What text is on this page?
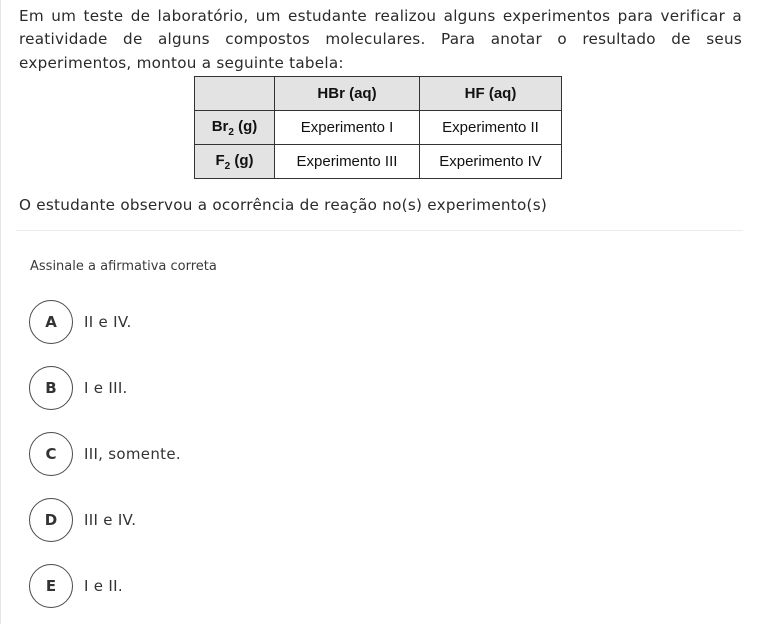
Em um teste de laboratório, um estudante realizou alguns experimentos para verificar a reatividade de alguns compostos moleculares. Para anotar o resultado de seus experimentos, montou a seguinte tabela:

	HBr (aq)	HF (aq)
$Br_2$ (g)	Experimento I	Experimento II
$F_2$ (g)	Experimento III	Experimento IV

O estudante observou a ocorrência de reação no(s) experimento(s)

Assinale a afirmativa correta

A	II e IV.
B	I e III.
C	III, somente.
D	III e IV.
E	I e II.
